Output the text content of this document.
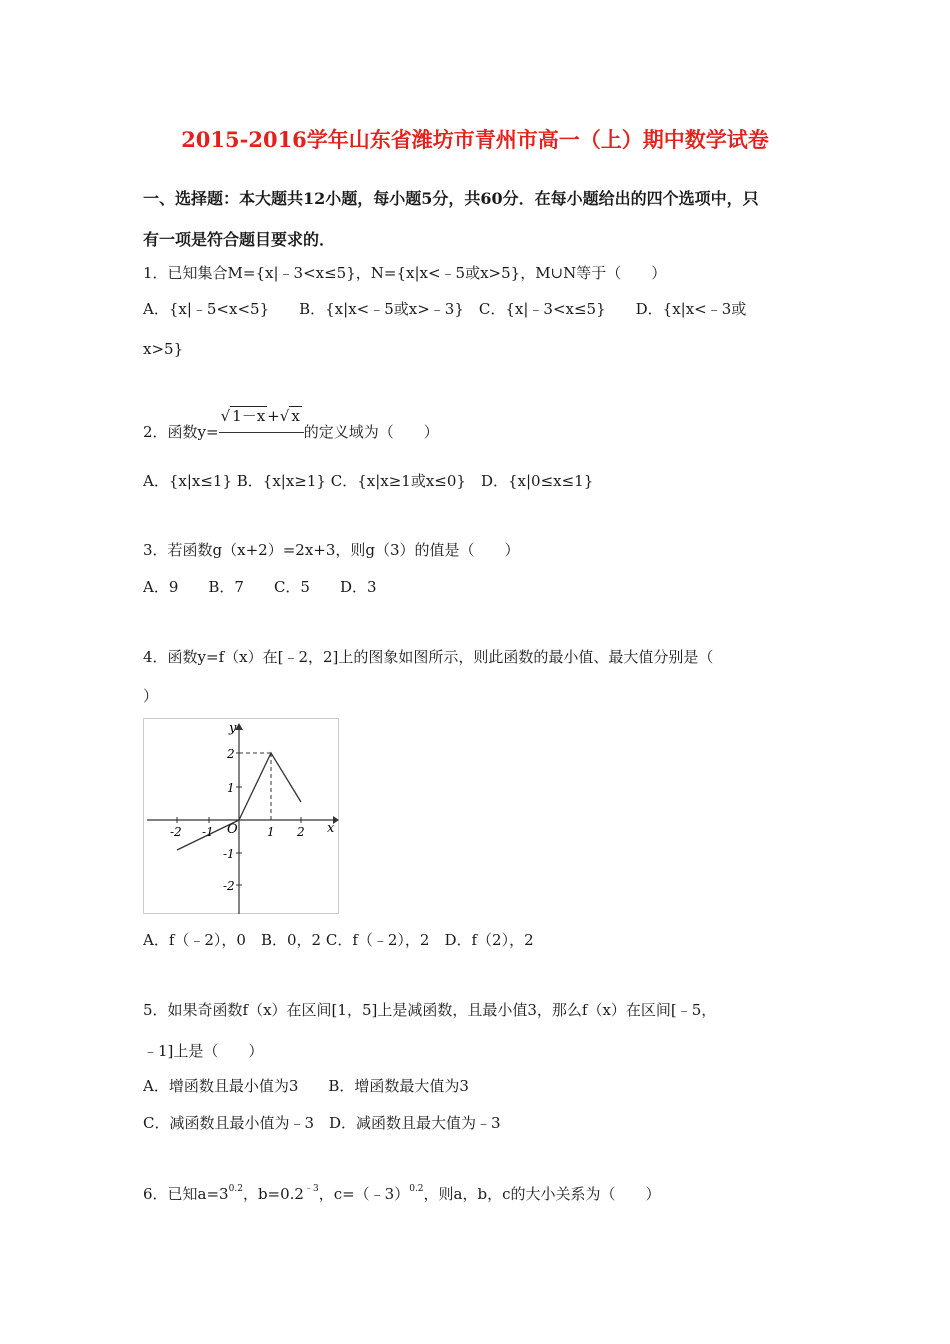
2015-2016学年山东省潍坊市青州市高一（上）期中数学试卷
一、选择题：本大题共12小题，每小题5分，共60分．在每小题给出的四个选项中，只
有一项是符合题目要求的．
1．已知集合M={x|﹣3<x≤5}，N={x|x<﹣5或x>5}，M∪N等于（　　）
A．{x|﹣5<x<5}　　B．{x|x<﹣5或x>﹣3}　C．{x|﹣3<x≤5}　　D．{x|x<﹣3或
x>5}
2．函数y=√ 1－x +√ x的定义域为（　　）
A．{x|x≤1} B．{x|x≥1} C．{x|x≥1或x≤0}　D．{x|0≤x≤1}
3．若函数g（x+2）=2x+3，则g（3）的值是（　　）
A．9　　B．7　　C．5　　D．3
4．函数y=f（x）在[﹣2，2]上的图象如图所示，则此函数的最小值、最大值分别是（
）
y
x
O
-2 -1	1 2
2
1
-1
-2
A．f（﹣2），0　B．0，2 C．f（﹣2），2　D．f（2），2
5．如果奇函数f（x）在区间[1，5]上是减函数，且最小值3，那么f（x）在区间[﹣5，
﹣1]上是（　　）
A．增函数且最小值为3　　B．增函数最大值为3
C．减函数且最小值为﹣3　D．减函数且最大值为﹣3
6．已知$a=3^{0.2}$，$b=0.2^{﹣3}$，c=（﹣3）$^{0.2}$，则a，b，c的大小关系为（　　）
